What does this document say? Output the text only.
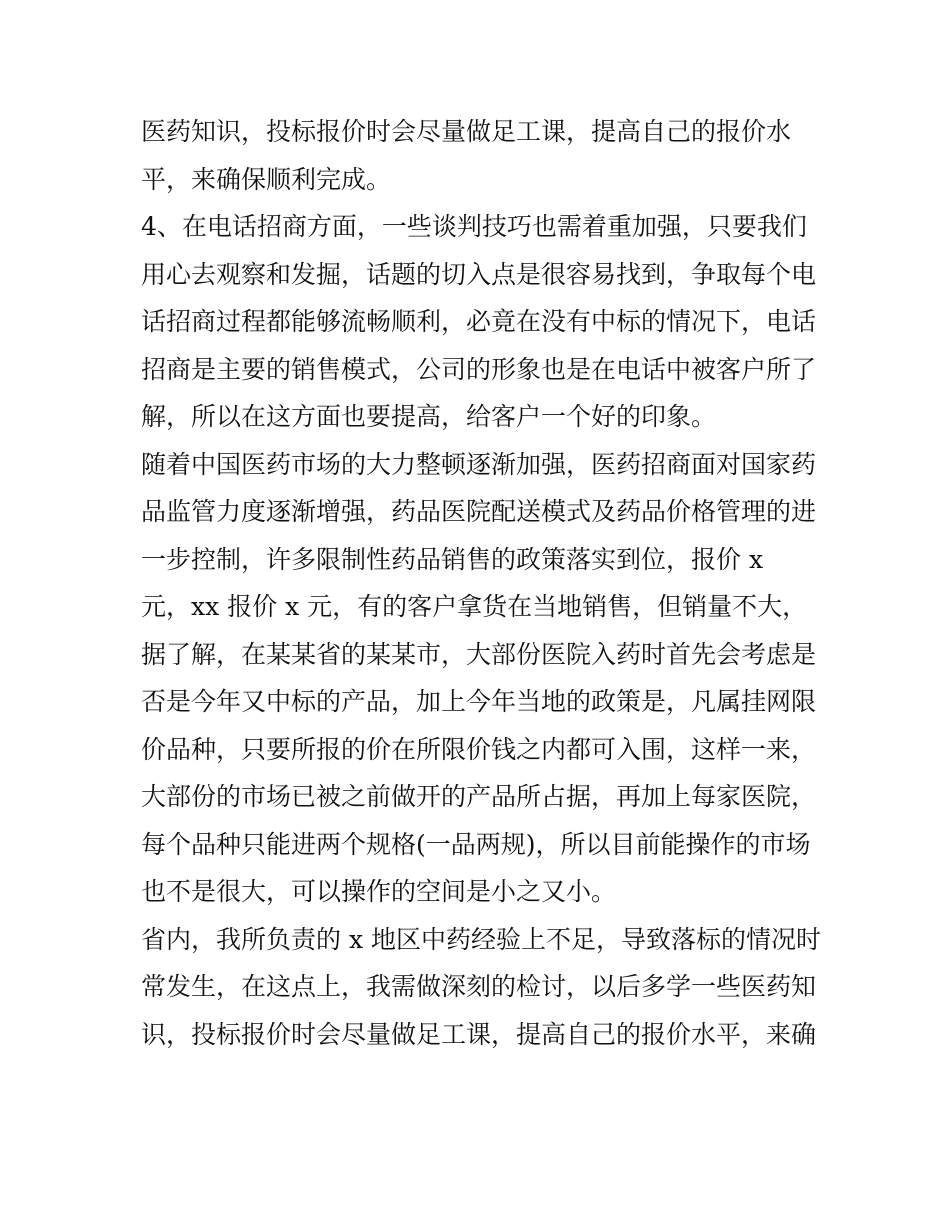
医药知识，投标报价时会尽量做足工课，提高自己的报价水
平，来确保顺利完成。
4、在电话招商方面，一些谈判技巧也需着重加强，只要我们
用心去观察和发掘，话题的切入点是很容易找到，争取每个电
话招商过程都能够流畅顺利，必竟在没有中标的情况下，电话
招商是主要的销售模式，公司的形象也是在电话中被客户所了
解，所以在这方面也要提高，给客户一个好的印象。
随着中国医药市场的大力整顿逐渐加强，医药招商面对国家药
品监管力度逐渐增强，药品医院配送模式及药品价格管理的进
一步控制，许多限制性药品销售的政策落实到位，报价 x
元，xx 报价 x 元，有的客户拿货在当地销售，但销量不大，
据了解，在某某省的某某市，大部份医院入药时首先会考虑是
否是今年又中标的产品，加上今年当地的政策是，凡属挂网限
价品种，只要所报的价在所限价钱之内都可入围，这样一来，
大部份的市场已被之前做开的产品所占据，再加上每家医院，
每个品种只能进两个规格(一品两规)，所以目前能操作的市场
也不是很大，可以操作的空间是小之又小。
省内，我所负责的 x 地区中药经验上不足，导致落标的情况时
常发生，在这点上，我需做深刻的检讨，以后多学一些医药知
识，投标报价时会尽量做足工课，提高自己的报价水平，来确
